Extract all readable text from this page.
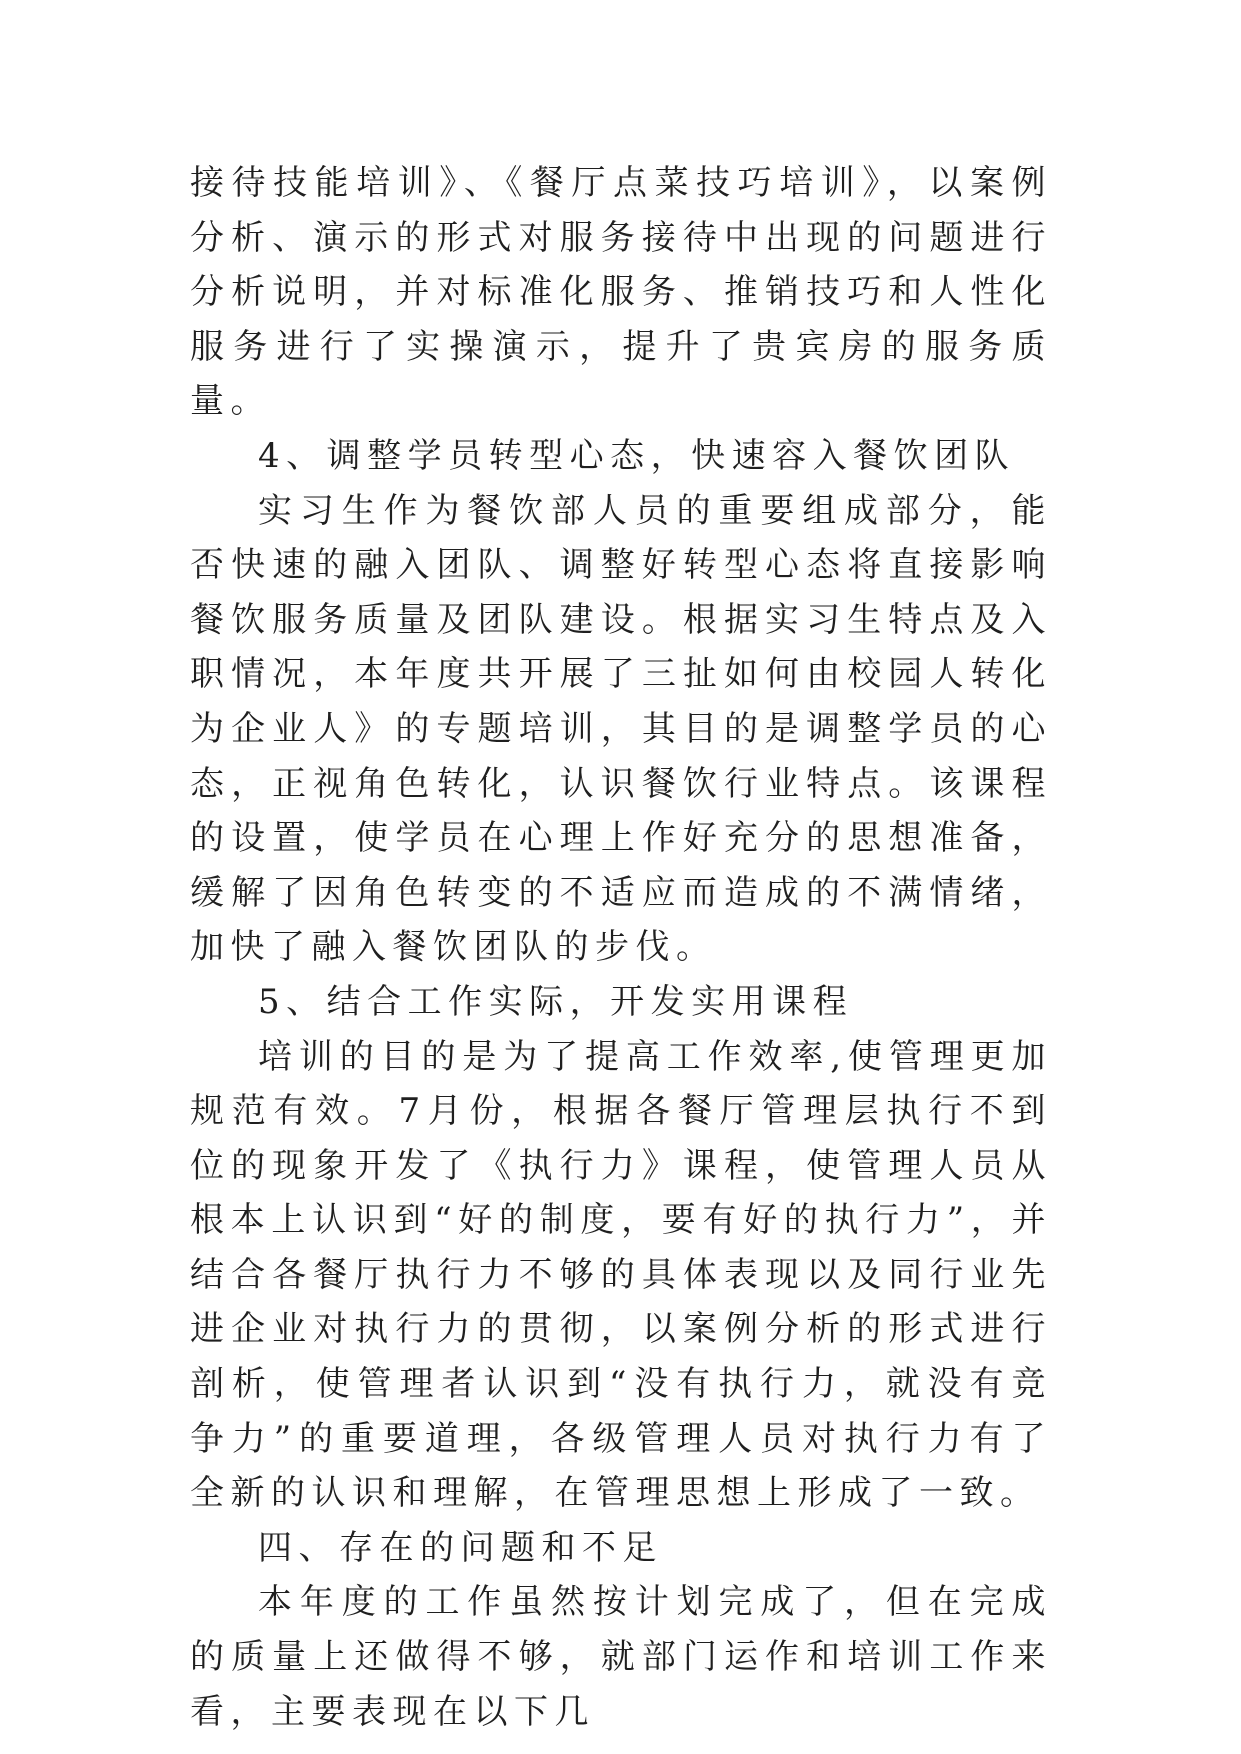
接待技能培训》、《餐厅点菜技巧培训》，以案例分析、演示的形式对服务接待中出现的问题进行分析说明，并对标准化服务、推销技巧和人性化服务进行了实操演示，提升了贵宾房的服务质量。

4、调整学员转型心态，快速容入餐饮团队

实习生作为餐饮部人员的重要组成部分，能否快速的融入团队、调整好转型心态将直接影响餐饮服务质量及团队建设。根据实习生特点及入职情况，本年度共开展了三扯如何由校园人转化为企业人》的专题培训，其目的是调整学员的心态，正视角色转化，认识餐饮行业特点。该课程的设置，使学员在心理上作好充分的思想准备，缓解了因角色转变的不适应而造成的不满情绪，加快了融入餐饮团队的步伐。

5、结合工作实际，开发实用课程

培训的目的是为了提高工作效率,使管理更加规范有效。7月份，根据各餐厅管理层执行不到位的现象开发了《执行力》课程，使管理人员从根本上认识到“好的制度，要有好的执行力”，并结合各餐厅执行力不够的具体表现以及同行业先进企业对执行力的贯彻，以案例分析的形式进行剖析，使管理者认识到“没有执行力，就没有竞争力”的重要道理，各级管理人员对执行力有了全新的认识和理解，在管理思想上形成了一致。

四、存在的问题和不足

本年度的工作虽然按计划完成了，但在完成的质量上还做得不够，就部门运作和培训工作来看，主要表现在以下几
